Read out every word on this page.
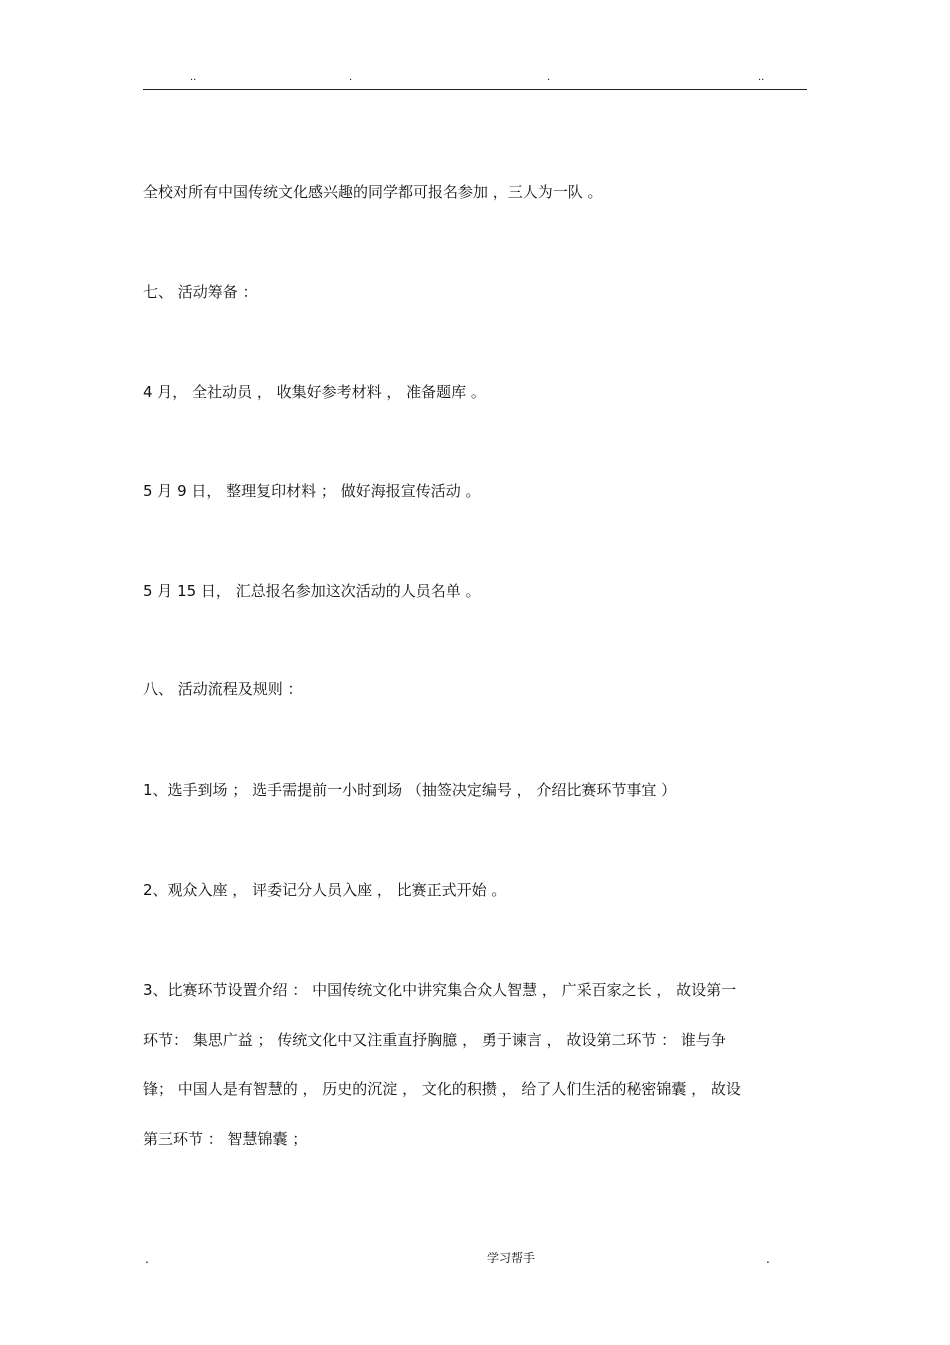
..	.	.	..
全校对所有中国传统文化感兴趣的同学都可报名参加 ，三人为一队 。
七、 活动筹备 ：
4 月， 全社动员 ， 收集好参考材料 ， 准备题库 。
5 月 9 日， 整理复印材料 ； 做好海报宣传活动 。
5 月 15 日， 汇总报名参加这次活动的人员名单 。
八、 活动流程及规则 ：
1、选手到场 ； 选手需提前一小时到场 （抽签决定编号 ， 介绍比赛环节事宜 ）
2、观众入座 ， 评委记分人员入座 ， 比赛正式开始 。
3、比赛环节设置介绍 ： 中国传统文化中讲究集合众人智慧 ， 广采百家之长 ， 故设第一
环节： 集思广益 ； 传统文化中又注重直抒胸臆 ， 勇于谏言 ， 故设第二环节 ： 谁与争
锋； 中国人是有智慧的 ， 历史的沉淀 ， 文化的积攒 ， 给了人们生活的秘密锦囊 ， 故设
第三环节 ： 智慧锦囊 ；
.	学习帮手	.
